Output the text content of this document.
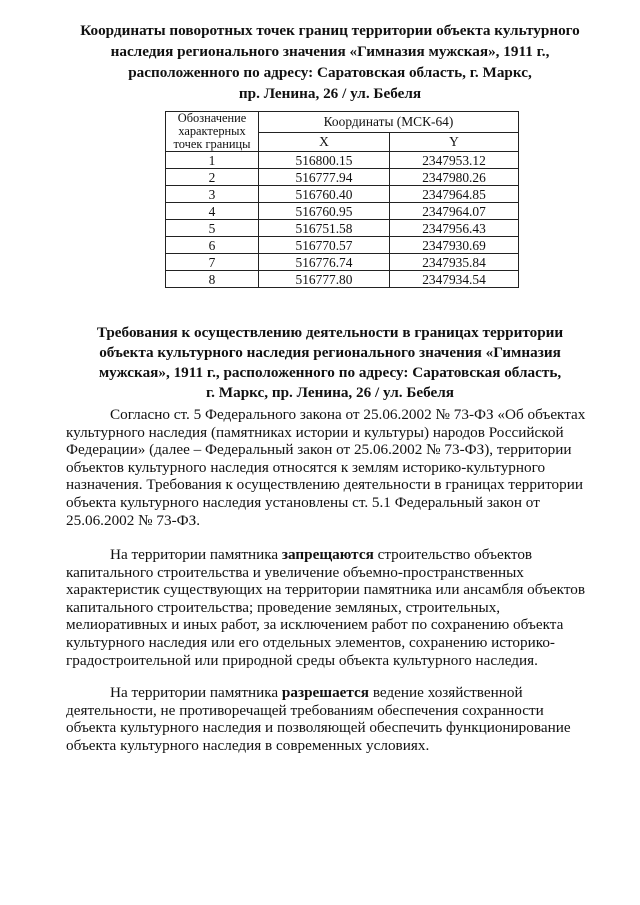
Координаты поворотных точек границ территории объекта культурного
наследия регионального значения «Гимназия мужская», 1911 г.,
расположенного по адресу: Саратовская область, г. Маркс,
пр. Ленина, 26 / ул. Бебеля
Обозначение
характерных
точек границы	Координаты (МСК-64)	
	X	Y
1	516800.15	2347953.12
2	516777.94	2347980.26
3	516760.40	2347964.85
4	516760.95	2347964.07
5	516751.58	2347956.43
6	516770.57	2347930.69
7	516776.74	2347935.84
8	516777.80	2347934.54
Требования к осуществлению деятельности в границах территории
объекта культурного наследия регионального значения «Гимназия
мужская», 1911 г., расположенного по адресу: Саратовская область,
г. Маркс, пр. Ленина, 26 / ул. Бебеля
Согласно ст. 5 Федерального закона от 25.06.2002 № 73-ФЗ «Об объектах
культурного наследия (памятниках истории и культуры) народов Российской
Федерации» (далее – Федеральный закон от 25.06.2002 № 73-ФЗ), территории
объектов культурного наследия относятся к землям историко-культурного
назначения. Требования к осуществлению деятельности в границах территории
объекта культурного наследия установлены ст. 5.1 Федеральный закон от
25.06.2002 № 73-ФЗ.
На территории памятника запрещаются строительство объектов
капитального строительства и увеличение объемно-пространственных
характеристик существующих на территории памятника или ансамбля объектов
капитального строительства; проведение земляных, строительных,
мелиоративных и иных работ, за исключением работ по сохранению объекта
культурного наследия или его отдельных элементов, сохранению историко-
градостроительной или природной среды объекта культурного наследия.
На территории памятника разрешается ведение хозяйственной
деятельности, не противоречащей требованиям обеспечения сохранности
объекта культурного наследия и позволяющей обеспечить функционирование
объекта культурного наследия в современных условиях.
